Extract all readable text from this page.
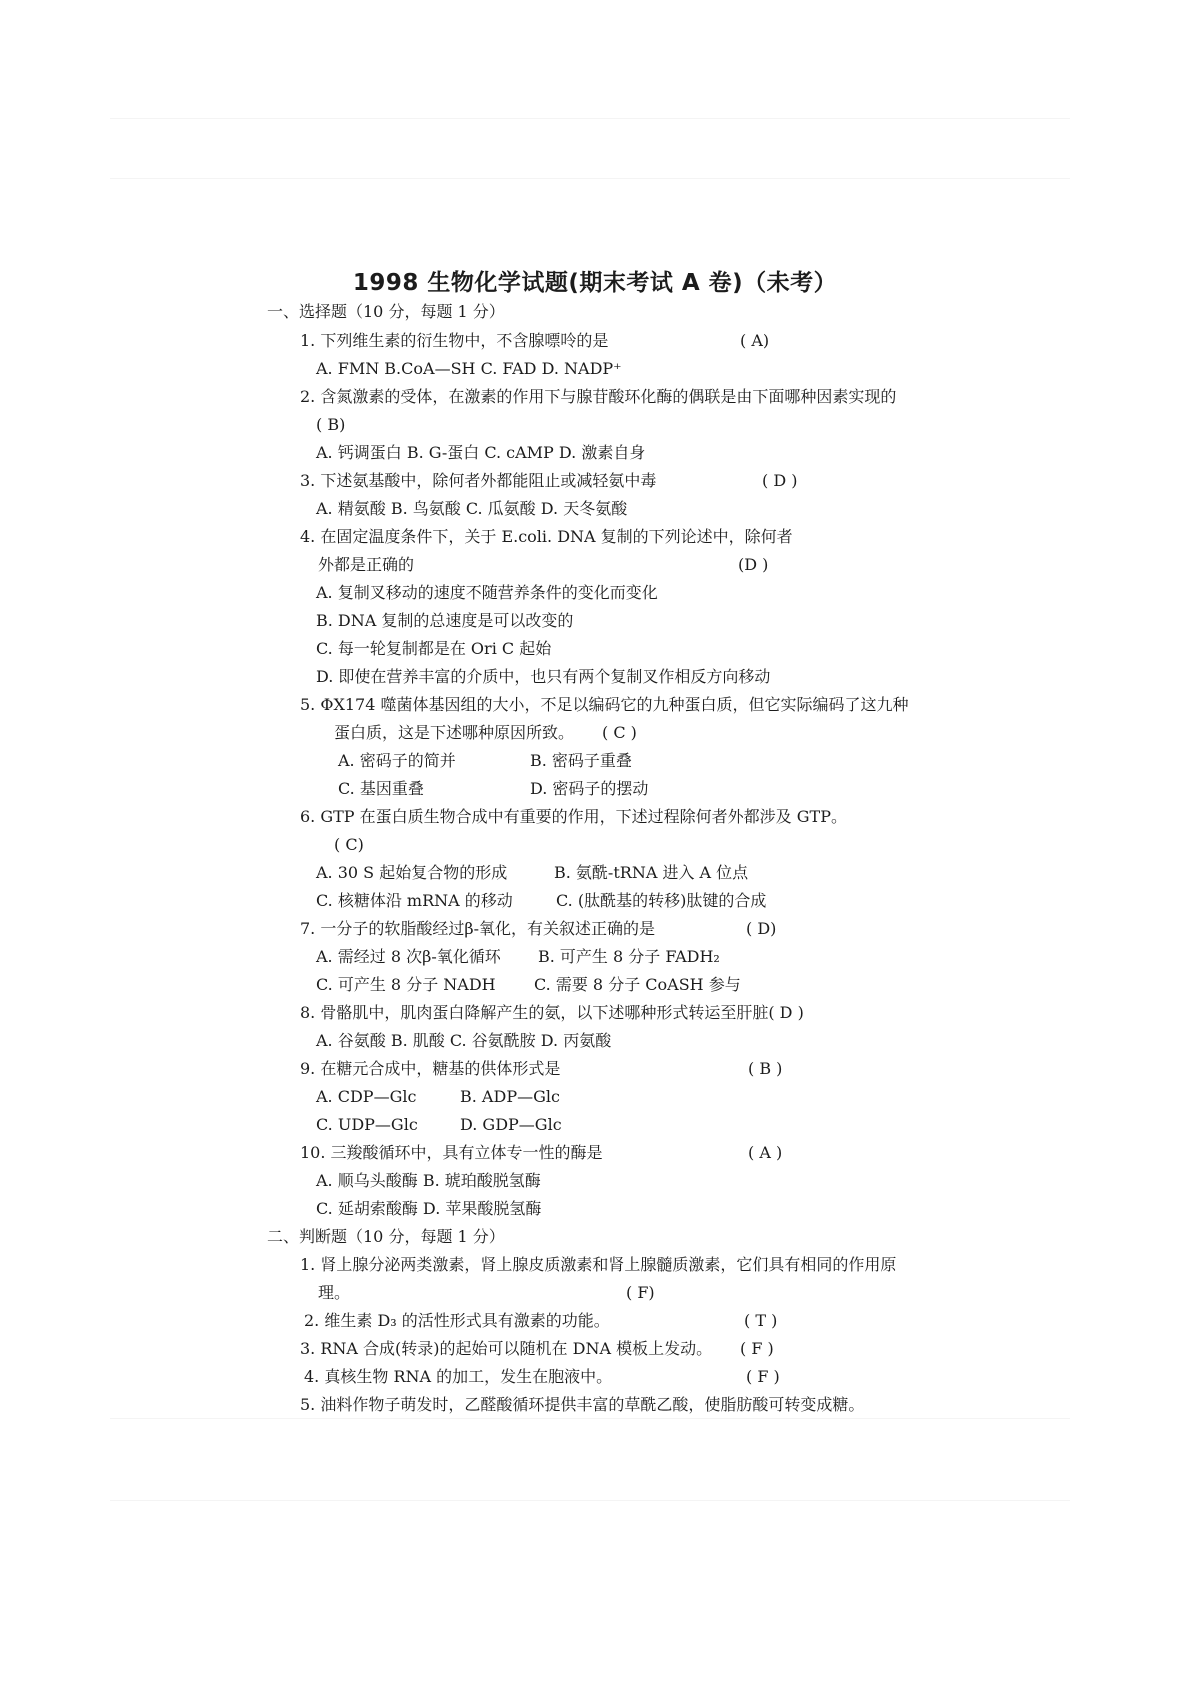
1998 生物化学试题(期末考试 A 卷)（未考）
一、选择题（10 分，每题 1 分）
1. 下列维生素的衍生物中，不含腺嘌呤的是	( A)
A. FMN B.CoA—SH C. FAD D. NADP⁺
2. 含氮激素的受体，在激素的作用下与腺苷酸环化酶的偶联是由下面哪种因素实现的
( B)
A. 钙调蛋白 B. G-蛋白 C. cAMP D. 激素自身
3. 下述氨基酸中，除何者外都能阻止或减轻氨中毒	( D )
A. 精氨酸 B. 鸟氨酸 C. 瓜氨酸 D. 天冬氨酸
4. 在固定温度条件下，关于 E.coli. DNA 复制的下列论述中，除何者
外都是正确的	(D )
A. 复制叉移动的速度不随营养条件的变化而变化
B. DNA 复制的总速度是可以改变的
C. 每一轮复制都是在 Ori C 起始
D. 即使在营养丰富的介质中，也只有两个复制叉作相反方向移动
5. ΦX174 噬菌体基因组的大小，不足以编码它的九种蛋白质，但它实际编码了这九种
蛋白质，这是下述哪种原因所致。 ( C )
A. 密码子的简并	B. 密码子重叠
C. 基因重叠	D. 密码子的摆动
6. GTP 在蛋白质生物合成中有重要的作用，下述过程除何者外都涉及 GTP。
( C)
A. 30 S 起始复合物的形成	B. 氨酰-tRNA 进入 A 位点
C. 核糖体沿 mRNA 的移动	C. (肽酰基的转移)肽键的合成
7. 一分子的软脂酸经过β-氧化，有关叙述正确的是	( D)
A. 需经过 8 次β-氧化循环 B. 可产生 8 分子 FADH₂
C. 可产生 8 分子 NADH C. 需要 8 分子 CoASH 参与
8. 骨骼肌中，肌肉蛋白降解产生的氨，以下述哪种形式转运至肝脏( D )
A. 谷氨酸 B. 肌酸 C. 谷氨酰胺 D. 丙氨酸
9. 在糖元合成中，糖基的供体形式是	( B )
A. CDP—Glc	B. ADP—Glc
C. UDP—Glc	D. GDP—Glc
10. 三羧酸循环中，具有立体专一性的酶是	( A )
A. 顺乌头酸酶 B. 琥珀酸脱氢酶
C. 延胡索酸酶 D. 苹果酸脱氢酶
二、判断题（10 分，每题 1 分）
1. 肾上腺分泌两类激素，肾上腺皮质激素和肾上腺髓质激素，它们具有相同的作用原
理。	( F)
2. 维生素 D₃ 的活性形式具有激素的功能。	( T )
3. RNA 合成(转录)的起始可以随机在 DNA 模板上发动。 ( F )
4. 真核生物 RNA 的加工，发生在胞液中。	( F )
5. 油料作物子萌发时，乙醛酸循环提供丰富的草酰乙酸，使脂肪酸可转变成糖。
